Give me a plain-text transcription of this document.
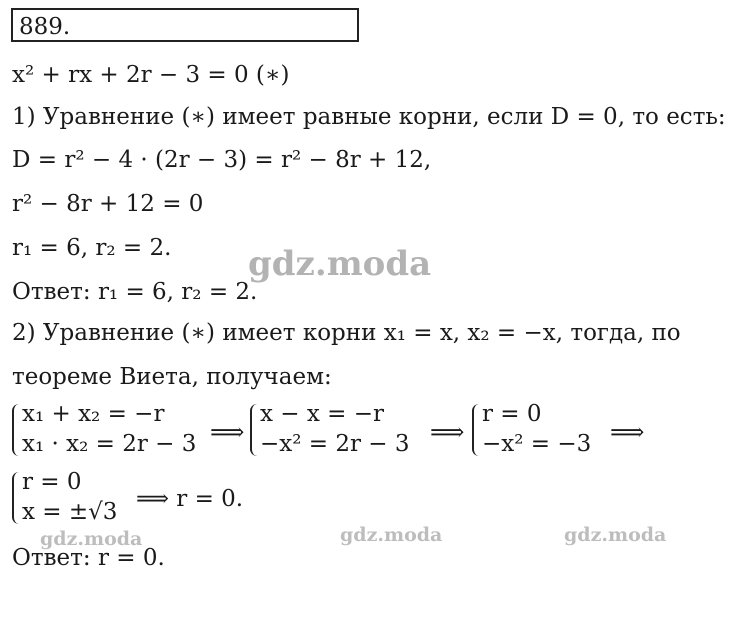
889.
x² + rx + 2r − 3 = 0 (∗)
1) Уравнение (∗) имеет равные корни, если D = 0, то есть:
D = r² − 4 · (2r − 3) = r² − 8r + 12,
r² − 8r + 12 = 0
r₁ = 6, r₂ = 2.
Ответ: r₁ = 6, r₂ = 2.
2) Уравнение (∗) имеет корни x₁ = x, x₂ = −x, тогда, по
теореме Виета, получаем:
x₁ + x₂ = −r
x₁ · x₂ = 2r − 3 ⟹
x − x = −r
−x² = 2r − 3 ⟹
r = 0
−x² = −3 ⟹
r = 0
x = ±√3 ⟹ r = 0.
Ответ: r = 0.
gdz.moda
gdz.moda	gdz.moda	gdz.moda
